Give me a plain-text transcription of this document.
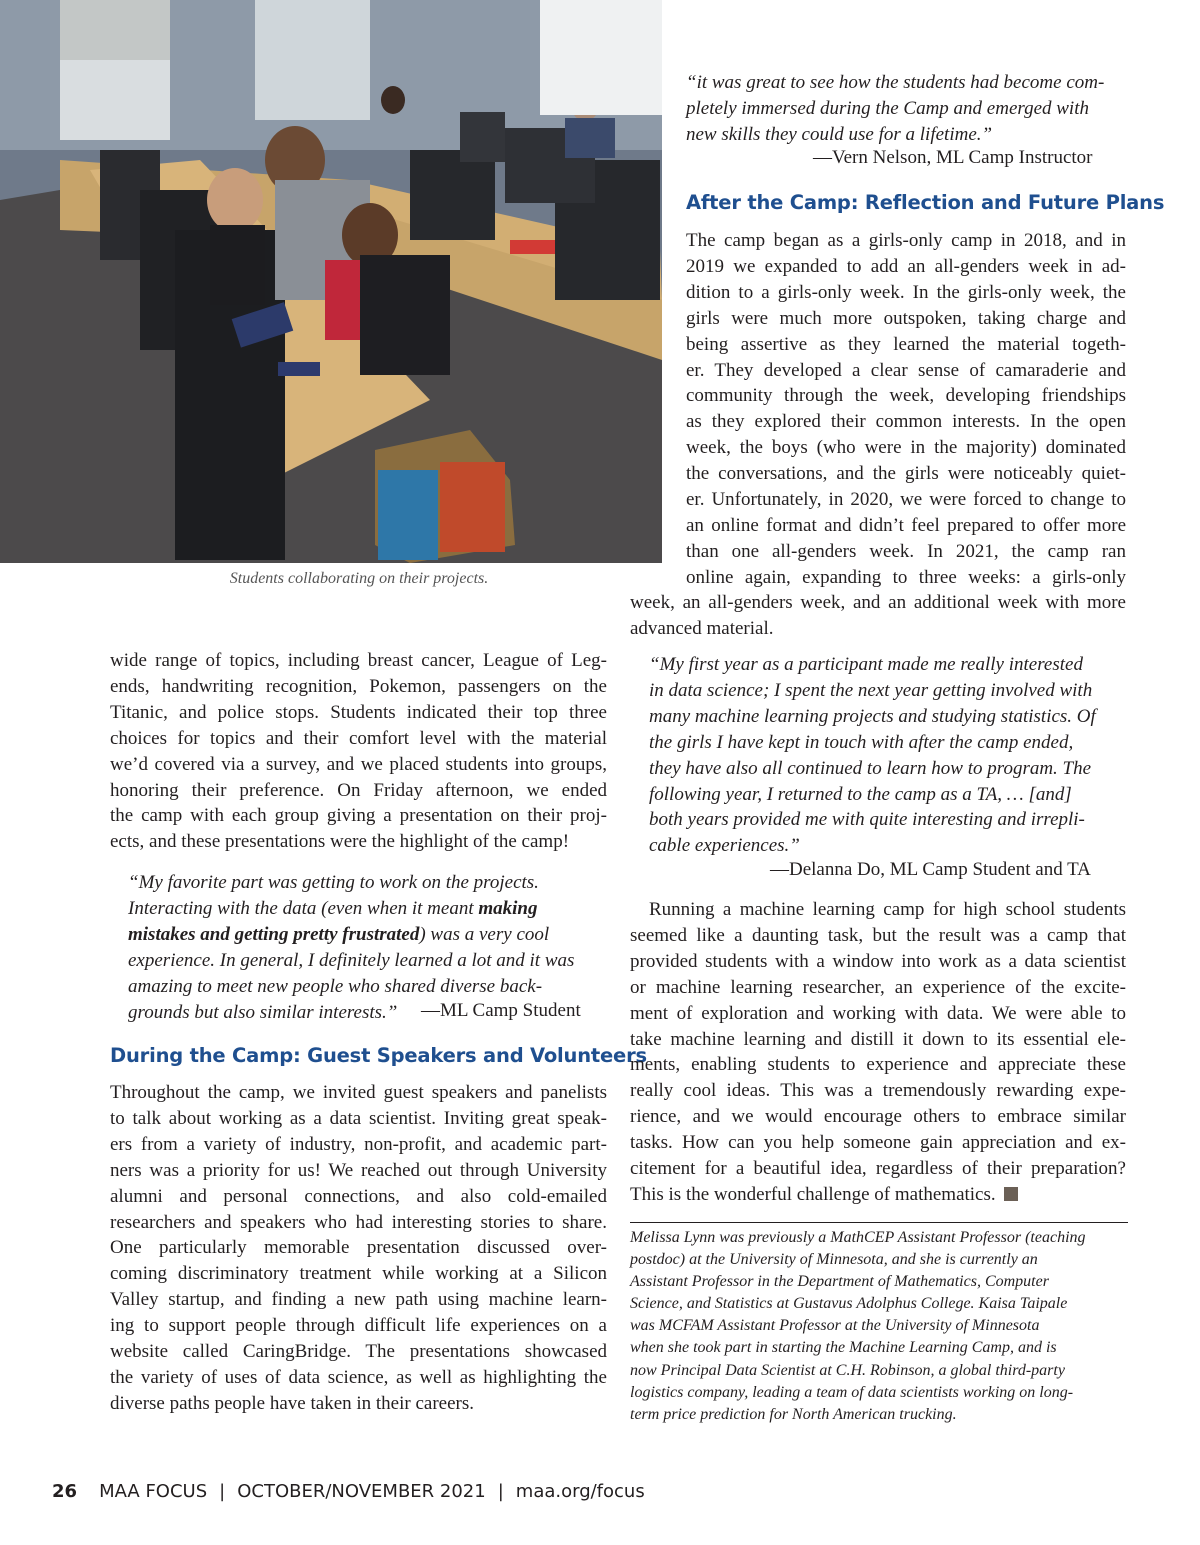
Students collaborating on their projects.
wide range of topics, including breast cancer, League of Leg-
ends, handwriting recognition, Pokemon, passengers on the
Titanic, and police stops. Students indicated their top three
choices for topics and their comfort level with the material
we’d covered via a survey, and we placed students into groups,
honoring their preference. On Friday afternoon, we ended
the camp with each group giving a presentation on their proj-
ects, and these presentations were the highlight of the camp!
“My favorite part was getting to work on the projects.
Interacting with the data (even when it meant making
mistakes and getting pretty frustrated) was a very cool
experience. In general, I definitely learned a lot and it was
amazing to meet new people who shared diverse back-
grounds but also similar interests.”	—ML Camp Student
During the Camp: Guest Speakers and Volunteers
Throughout the camp, we invited guest speakers and panelists
to talk about working as a data scientist. Inviting great speak-
ers from a variety of industry, non-profit, and academic part-
ners was a priority for us! We reached out through University
alumni and personal connections, and also cold-emailed
researchers and speakers who had interesting stories to share.
One particularly memorable presentation discussed over-
coming discriminatory treatment while working at a Silicon
Valley startup, and finding a new path using machine learn-
ing to support people through difficult life experiences on a
website called CaringBridge. The presentations showcased
the variety of uses of data science, as well as highlighting the
diverse paths people have taken in their careers.
“it was great to see how the students had become com-
pletely immersed during the Camp and emerged with
new skills they could use for a lifetime.”
—Vern Nelson, ML Camp Instructor
After the Camp: Reflection and Future Plans
The camp began as a girls-only camp in 2018, and in
2019 we expanded to add an all-genders week in ad-
dition to a girls-only week. In the girls-only week, the
girls were much more outspoken, taking charge and
being assertive as they learned the material togeth-
er. They developed a clear sense of camaraderie and
community through the week, developing friendships
as they explored their common interests. In the open
week, the boys (who were in the majority) dominated
the conversations, and the girls were noticeably quiet-
er. Unfortunately, in 2020, we were forced to change to
an online format and didn’t feel prepared to offer more
than one all-genders week. In 2021, the camp ran
online again, expanding to three weeks: a girls-only
week, an all-genders week, and an additional week with more
advanced material.
“My first year as a participant made me really interested
in data science; I spent the next year getting involved with
many machine learning projects and studying statistics. Of
the girls I have kept in touch with after the camp ended,
they have also all continued to learn how to program. The
following year, I returned to the camp as a TA, … [and]
both years provided me with quite interesting and irrepli-
cable experiences.”
—Delanna Do, ML Camp Student and TA
Running a machine learning camp for high school students
seemed like a daunting task, but the result was a camp that
provided students with a window into work as a data scientist
or machine learning researcher, an experience of the excite-
ment of exploration and working with data. We were able to
take machine learning and distill it down to its essential ele-
ments, enabling students to experience and appreciate these
really cool ideas. This was a tremendously rewarding expe-
rience, and we would encourage others to embrace similar
tasks. How can you help someone gain appreciation and ex-
citement for a beautiful idea, regardless of their preparation?
This is the wonderful challenge of mathematics.
Melissa Lynn was previously a MathCEP Assistant Professor (teaching
postdoc) at the University of Minnesota, and she is currently an
Assistant Professor in the Department of Mathematics, Computer
Science, and Statistics at Gustavus Adolphus College. Kaisa Taipale
was MCFAM Assistant Professor at the University of Minnesota
when she took part in starting the Machine Learning Camp, and is
now Principal Data Scientist at C.H. Robinson, a global third-party
logistics company, leading a team of data scientists working on long-
term price prediction for North American trucking.
26 MAA FOCUS | OCTOBER/NOVEMBER 2021 | maa.org/focus
